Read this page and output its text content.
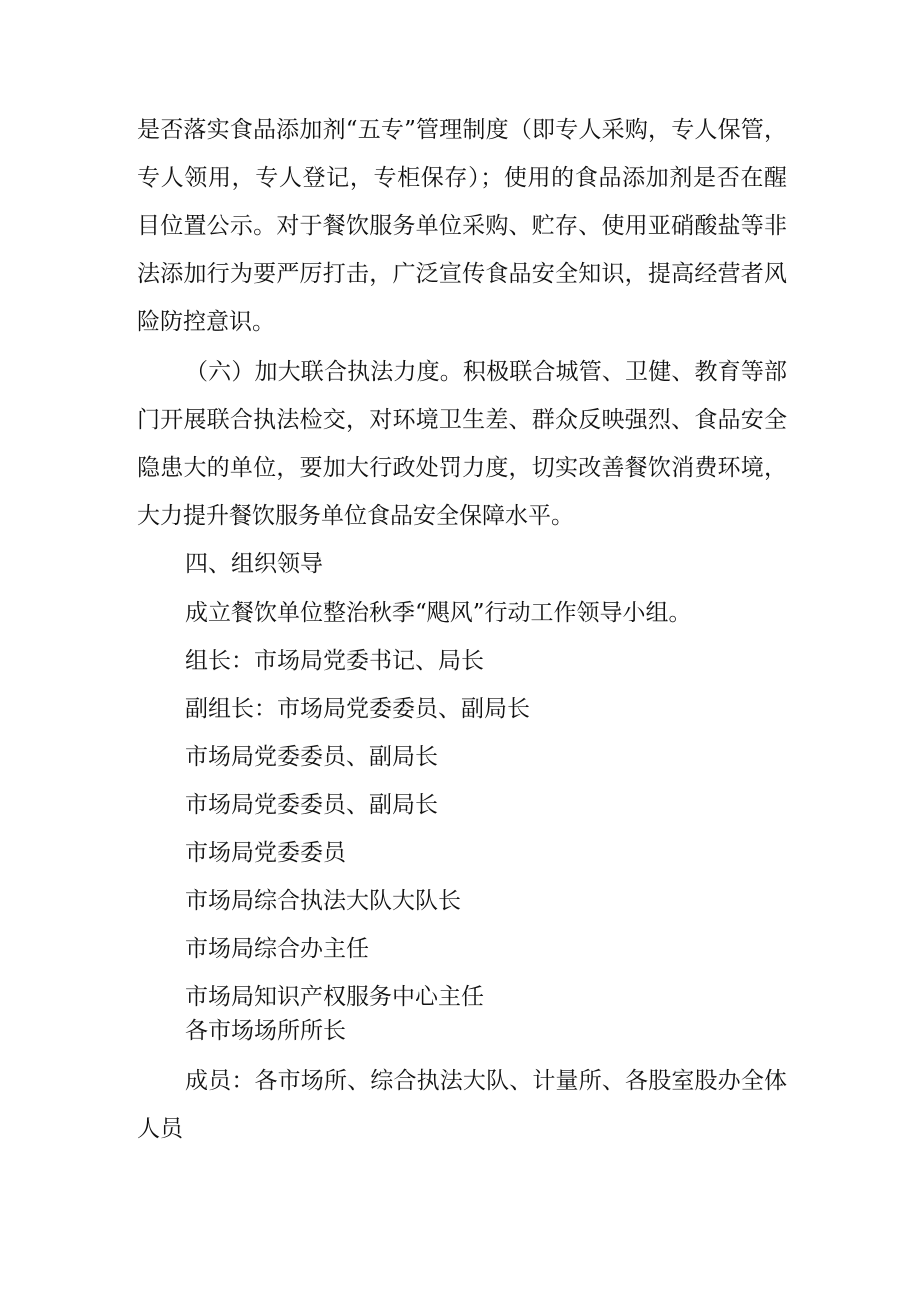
是否落实食品添加剂“五专”管理制度（即专人采购，专人保管，
专人领用，专人登记，专柜保存）；使用的食品添加剂是否在醒
目位置公示。对于餐饮服务单位采购、贮存、使用亚硝酸盐等非
法添加行为要严厉打击，广泛宣传食品安全知识，提高经营者风
险防控意识。
（六）加大联合执法力度。积极联合城管、卫健、教育等部
门开展联合执法检交，对环境卫生差、群众反映强烈、食品安全
隐患大的单位，要加大行政处罚力度，切实改善餐饮消费环境，
大力提升餐饮服务单位食品安全保障水平。
四、组织领导
成立餐饮单位整治秋季“飓风”行动工作领导小组。
组长：市场局党委书记、局长
副组长：市场局党委委员、副局长
市场局党委委员、副局长
市场局党委委员、副局长
市场局党委委员
市场局综合执法大队大队长
市场局综合办主任
市场局知识产权服务中心主任
各市场场所所长
成员：各市场所、综合执法大队、计量所、各股室股办全体
人员
